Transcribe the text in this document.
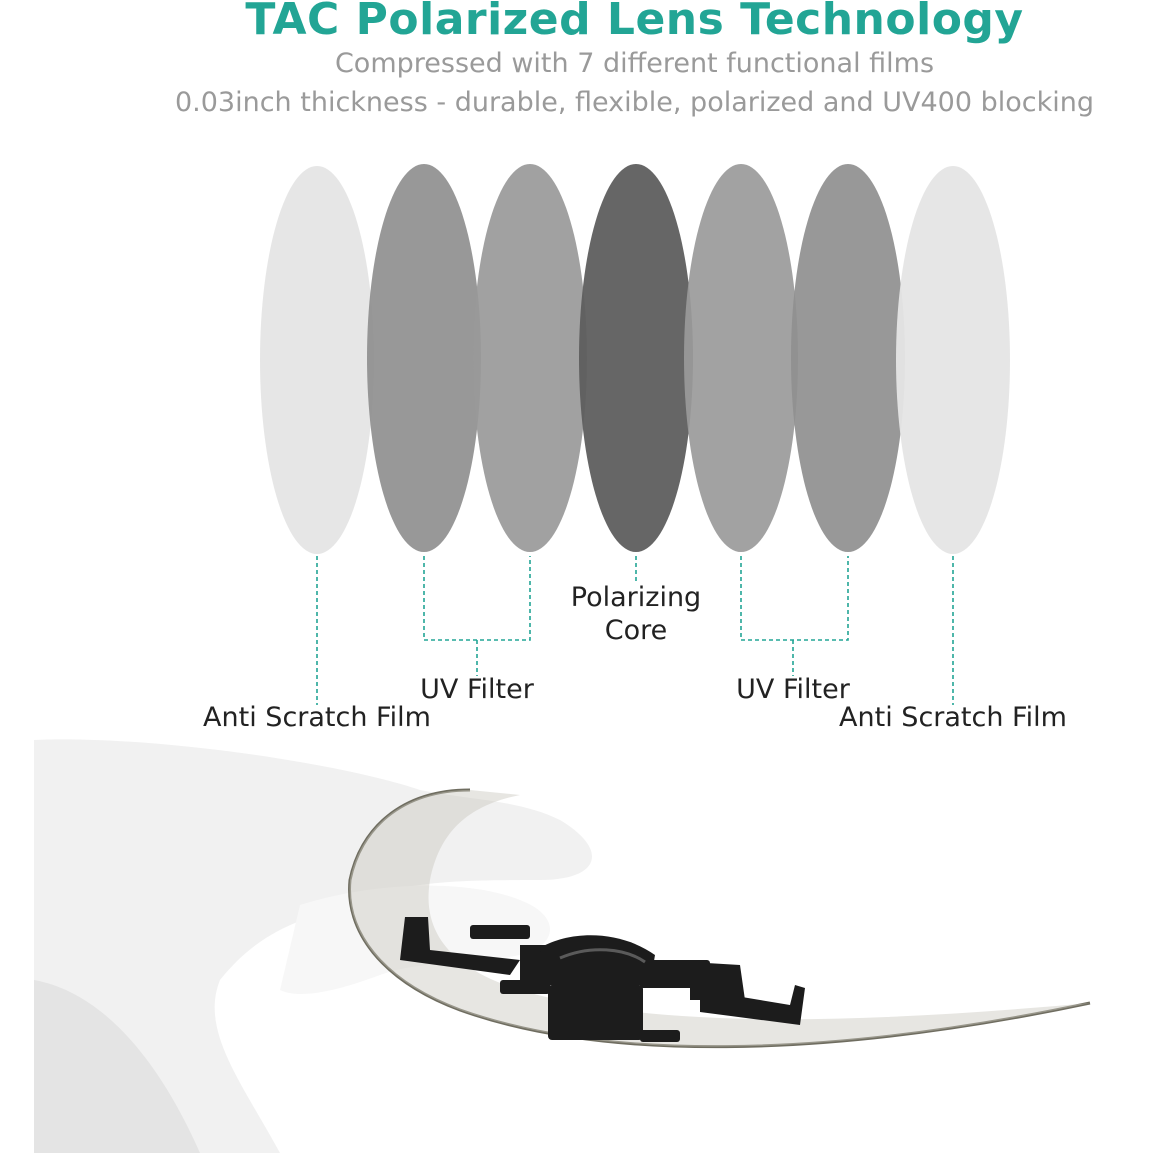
TAC Polarized Lens Technology
Compressed with 7 different functional films
0.03inch thickness - durable, flexible, polarized and UV400 blocking
Polarizing
Core
UV Filter	UV Filter
Anti Scratch Film	Anti Scratch Film
